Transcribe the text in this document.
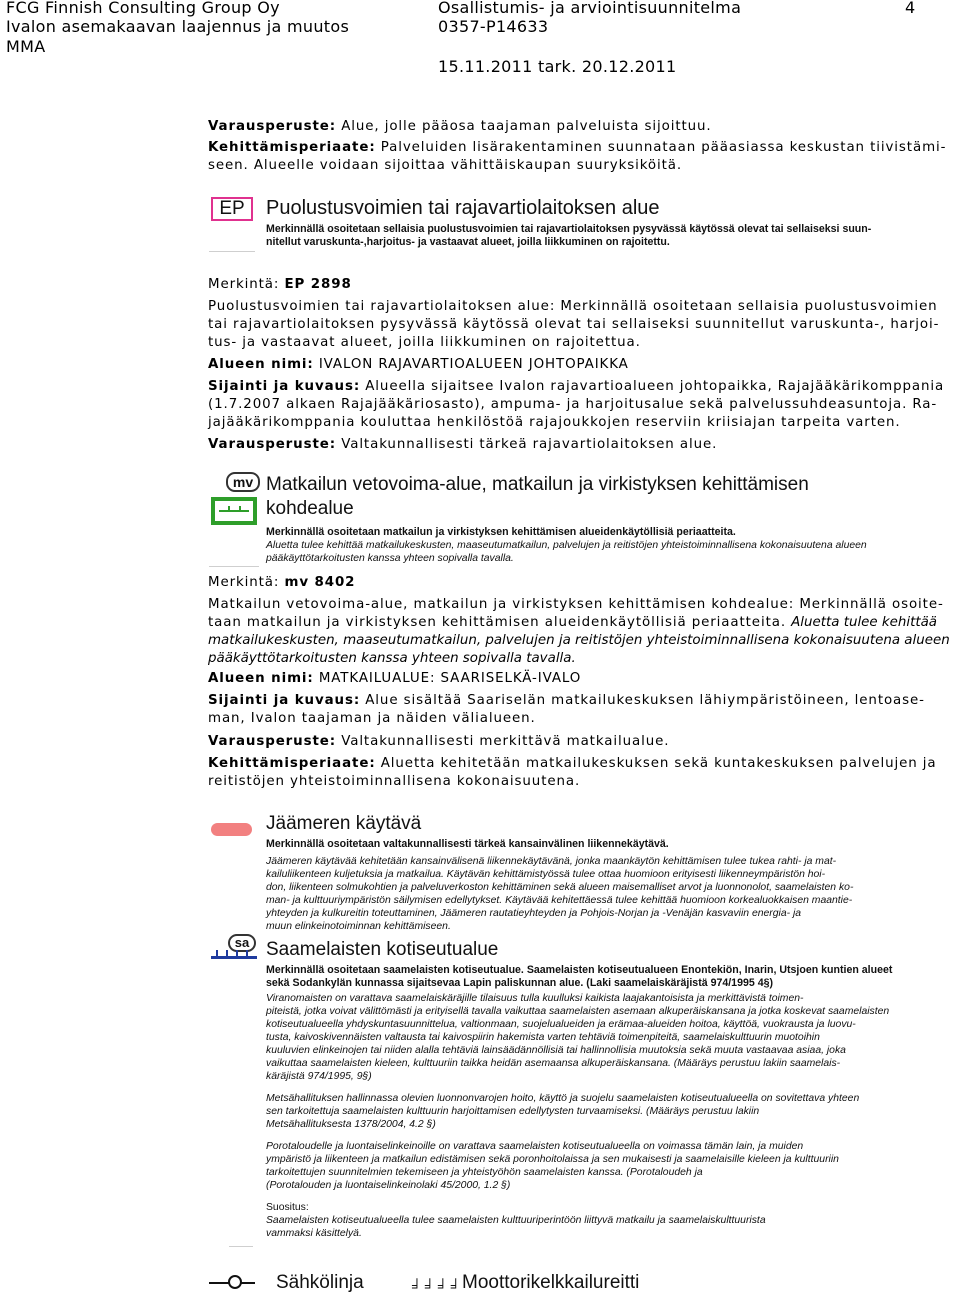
FCG Finnish Consulting Group Oy	Osallistumis- ja arviointisuunnitelma	4
Ivalon asemakaavan laajennus ja muutos	0357-P14633
MMA
15.11.2011 tark. 20.12.2011
Varausperuste: Alue, jolle pääosa taajaman palveluista sijoittuu.
Kehittämisperiaate: Palveluiden lisärakentaminen suunnataan pääasiassa keskustan tiivistämi-
seen. Alueelle voidaan sijoittaa vähittäiskaupan suuryksiköitä.
EP	Puolustusvoimien tai rajavartiolaitoksen alue
Merkinnällä osoitetaan sellaisia puolustusvoimien tai rajavartiolaitoksen pysyvässä käytössä olevat tai sellaiseksi suun-
nitellut varuskunta-,harjoitus- ja vastaavat alueet, joilla liikkuminen on rajoitettu.
Merkintä: EP 2898
Puolustusvoimien tai rajavartiolaitoksen alue: Merkinnällä osoitetaan sellaisia puolustusvoimien
tai rajavartiolaitoksen pysyvässä käytössä olevat tai sellaiseksi suunnitellut varuskunta-, harjoi-
tus- ja vastaavat alueet, joilla liikkuminen on rajoitettua.
Alueen nimi: IVALON RAJAVARTIOALUEEN JOHTOPAIKKA
Sijainti ja kuvaus: Alueella sijaitsee Ivalon rajavartioalueen johtopaikka, Rajajääkärikomppania
(1.7.2007 alkaen Rajajääkäriosasto), ampuma- ja harjoitusalue sekä palvelussuhdeasuntoja. Ra-
jajääkärikomppania kouluttaa henkilöstöä rajajoukkojen reserviin kriisiajan tarpeita varten.
Varausperuste: Valtakunnallisesti tärkeä rajavartiolaitoksen alue.
mv Matkailun vetovoima-alue, matkailun ja virkistyksen kehittämisen
kohdealue
Merkinnällä osoitetaan matkailun ja virkistyksen kehittämisen alueidenkäytöllisiä periaatteita.
Aluetta tulee kehittää matkailukeskusten, maaseutumatkailun, palvelujen ja reitistöjen yhteistoiminnallisena kokonaisuutena alueen
pääkäyttötarkoitusten kanssa yhteen sopivalla tavalla.
Merkintä: mv 8402
Matkailun vetovoima-alue, matkailun ja virkistyksen kehittämisen kohdealue: Merkinnällä osoite-
taan matkailun ja virkistyksen kehittämisen alueidenkäytöllisiä periaatteita. Aluetta tulee kehittää
matkailukeskusten, maaseutumatkailun, palvelujen ja reitistöjen yhteistoiminnallisena kokonaisuutena alueen
pääkäyttötarkoitusten kanssa yhteen sopivalla tavalla.
Alueen nimi: MATKAILUALUE: SAARISELKÄ-IVALO
Sijainti ja kuvaus: Alue sisältää Saariselän matkailukeskuksen lähiympäristöineen, lentoase-
man, Ivalon taajaman ja näiden välialueen.
Varausperuste: Valtakunnallisesti merkittävä matkailualue.
Kehittämisperiaate: Aluetta kehitetään matkailukeskuksen sekä kuntakeskuksen palvelujen ja
reitistöjen yhteistoiminnallisena kokonaisuutena.
Jäämeren käytävä
Merkinnällä osoitetaan valtakunnallisesti tärkeä kansainvälinen liikennekäytävä.
Jäämeren käytävää kehitetään kansainvälisenä liikennekäytävänä, jonka maankäytön kehittämisen tulee tukea rahti- ja mat-
kailuliikenteen kuljetuksia ja matkailua. Käytävän kehittämistyössä tulee ottaa huomioon erityisesti liikenneympäristön hoi-
don, liikenteen solmukohtien ja palveluverkoston kehittäminen sekä alueen maisemalliset arvot ja luonnonolot, saamelaisten ko-
man- ja kulttuuriympäristön säilymisen edellytykset. Käytävää kehitettäessä tulee kehittää huomioon korkealuokkaisen maantie-
yhteyden ja kulkureitin toteuttaminen, Jäämeren rautatieyhteyden ja Pohjois-Norjan ja -Venäjän kasvaviin energia- ja
muun elinkeinotoiminnan kehittämiseen.
sa Saamelaisten kotiseutualue
Merkinnällä osoitetaan saamelaisten kotiseutualue. Saamelaisten kotiseutualueen Enontekiön, Inarin, Utsjoen kuntien alueet
sekä Sodankylän kunnassa sijaitsevaa Lapin paliskunnan alue. (Laki saamelaiskäräjistä 974/1995 4§)
Viranomaisten on varattava saamelaiskäräjille tilaisuus tulla kuulluksi kaikista laajakantoisista ja merkittävistä toimen-
piteistä, jotka voivat välittömästi ja erityisellä tavalla vaikuttaa saamelaisten asemaan alkuperäiskansana ja jotka koskevat saamelaisten
kotiseutualueella yhdyskuntasuunnittelua, valtionmaan, suojelualueiden ja erämaa-alueiden hoitoa, käyttöä, vuokrausta ja luovu-
tusta, kaivoskivennäisten valtausta tai kaivospiirin hakemista varten tehtäviä toimenpiteitä, saamelaiskulttuurin muotoihin
kuuluvien elinkeinojen tai niiden alalla tehtäviä lainsäädännöllisiä tai hallinnollisia muutoksia sekä muuta vastaavaa asiaa, joka
vaikuttaa saamelaisten kieleen, kulttuuriin taikka heidän asemaansa alkuperäiskansana. (Määräys perustuu lakiin saamelais-
käräjistä 974/1995, 9§)
Metsähallituksen hallinnassa olevien luonnonvarojen hoito, käyttö ja suojelu saamelaisten kotiseutualueella on sovitettava yhteen
sen tarkoitettuja saamelaisten kulttuurin harjoittamisen edellytysten turvaamiseksi. (Määräys perustuu lakiin
Metsähallituksesta 1378/2004, 4.2 §)
Porotaloudelle ja luontaiselinkeinoille on varattava saamelaisten kotiseutualueella on voimassa tämän lain, ja muiden
ympäristö ja liikenteen ja matkailun edistämisen sekä poronhoitolaissa ja sen mukaisesti ja saamelaisille kieleen ja kulttuuriin
tarkoitettujen suunnitelmien tekemiseen ja yhteistyöhön saamelaisten kanssa. (Porotaloudeh ja
(Porotalouden ja luontaiselinkeinolaki 45/2000, 1.2 §)
Suositus:
Saamelaisten kotiseutualueella tulee saamelaisten kulttuuriperintöön liittyvä matkailu ja saamelaiskulttuurista
vammaksi käsittelyä.
Sähkölinja	╛╛╛╛
Moottorikelkkailureitti
